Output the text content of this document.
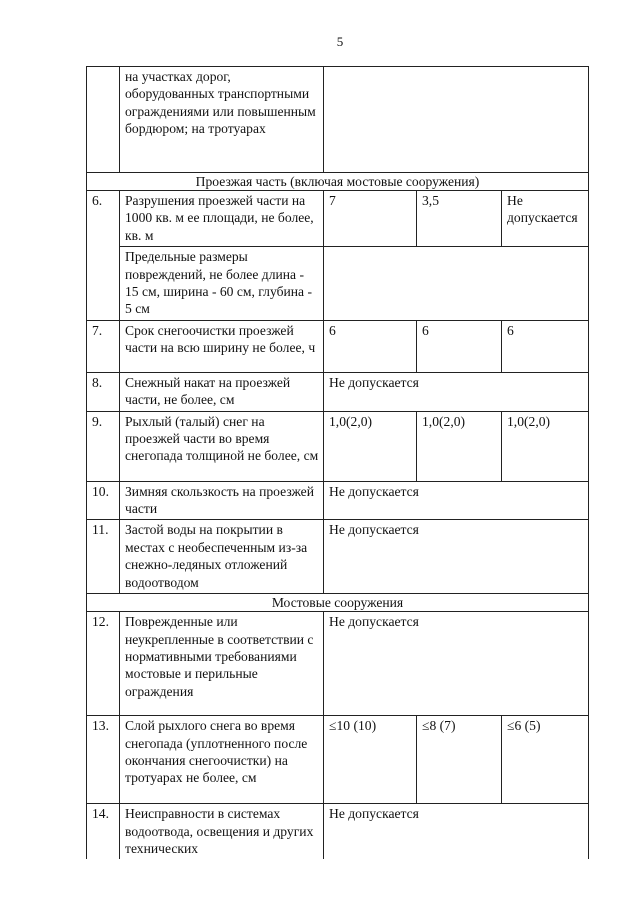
5
	на участках дорог, оборудованных транспортными ограждениями или повышенным бордюром; на тротуарах			
Проезжая часть (включая мостовые сооружения)				
6.	Разрушения проезжей части на 1000 кв. м ее площади, не более, кв. м	7	3,5	Не допускается
	Предельные размеры повреждений, не более длина - 15 см, ширина - 60 см, глубина - 5 см			
7.	Срок снегоочистки проезжей части на всю ширину не более, ч	6	6	6
8.	Снежный накат на проезжей части, не более, см	Не допускается		
9.	Рыхлый (талый) снег на проезжей части во время снегопада толщиной не более, см	1,0(2,0)	1,0(2,0)	1,0(2,0)
10.	Зимняя скользкость на проезжей части	Не допускается		
11.	Застой воды на покрытии в местах с необеспеченным из-за снежно-ледяных отложений водоотводом	Не допускается		
Мостовые сооружения				
12.	Поврежденные или неукрепленные в соответствии с нормативными требованиями мостовые и перильные ограждения	Не допускается		
13.	Слой рыхлого снега во время снегопада (уплотненного после окончания снегоочистки) на тротуарах не более, см	≤10 (10)	≤8 (7)	≤6 (5)
14.	Неисправности в системах водоотвода, освещения и других технических	Не допускается		
